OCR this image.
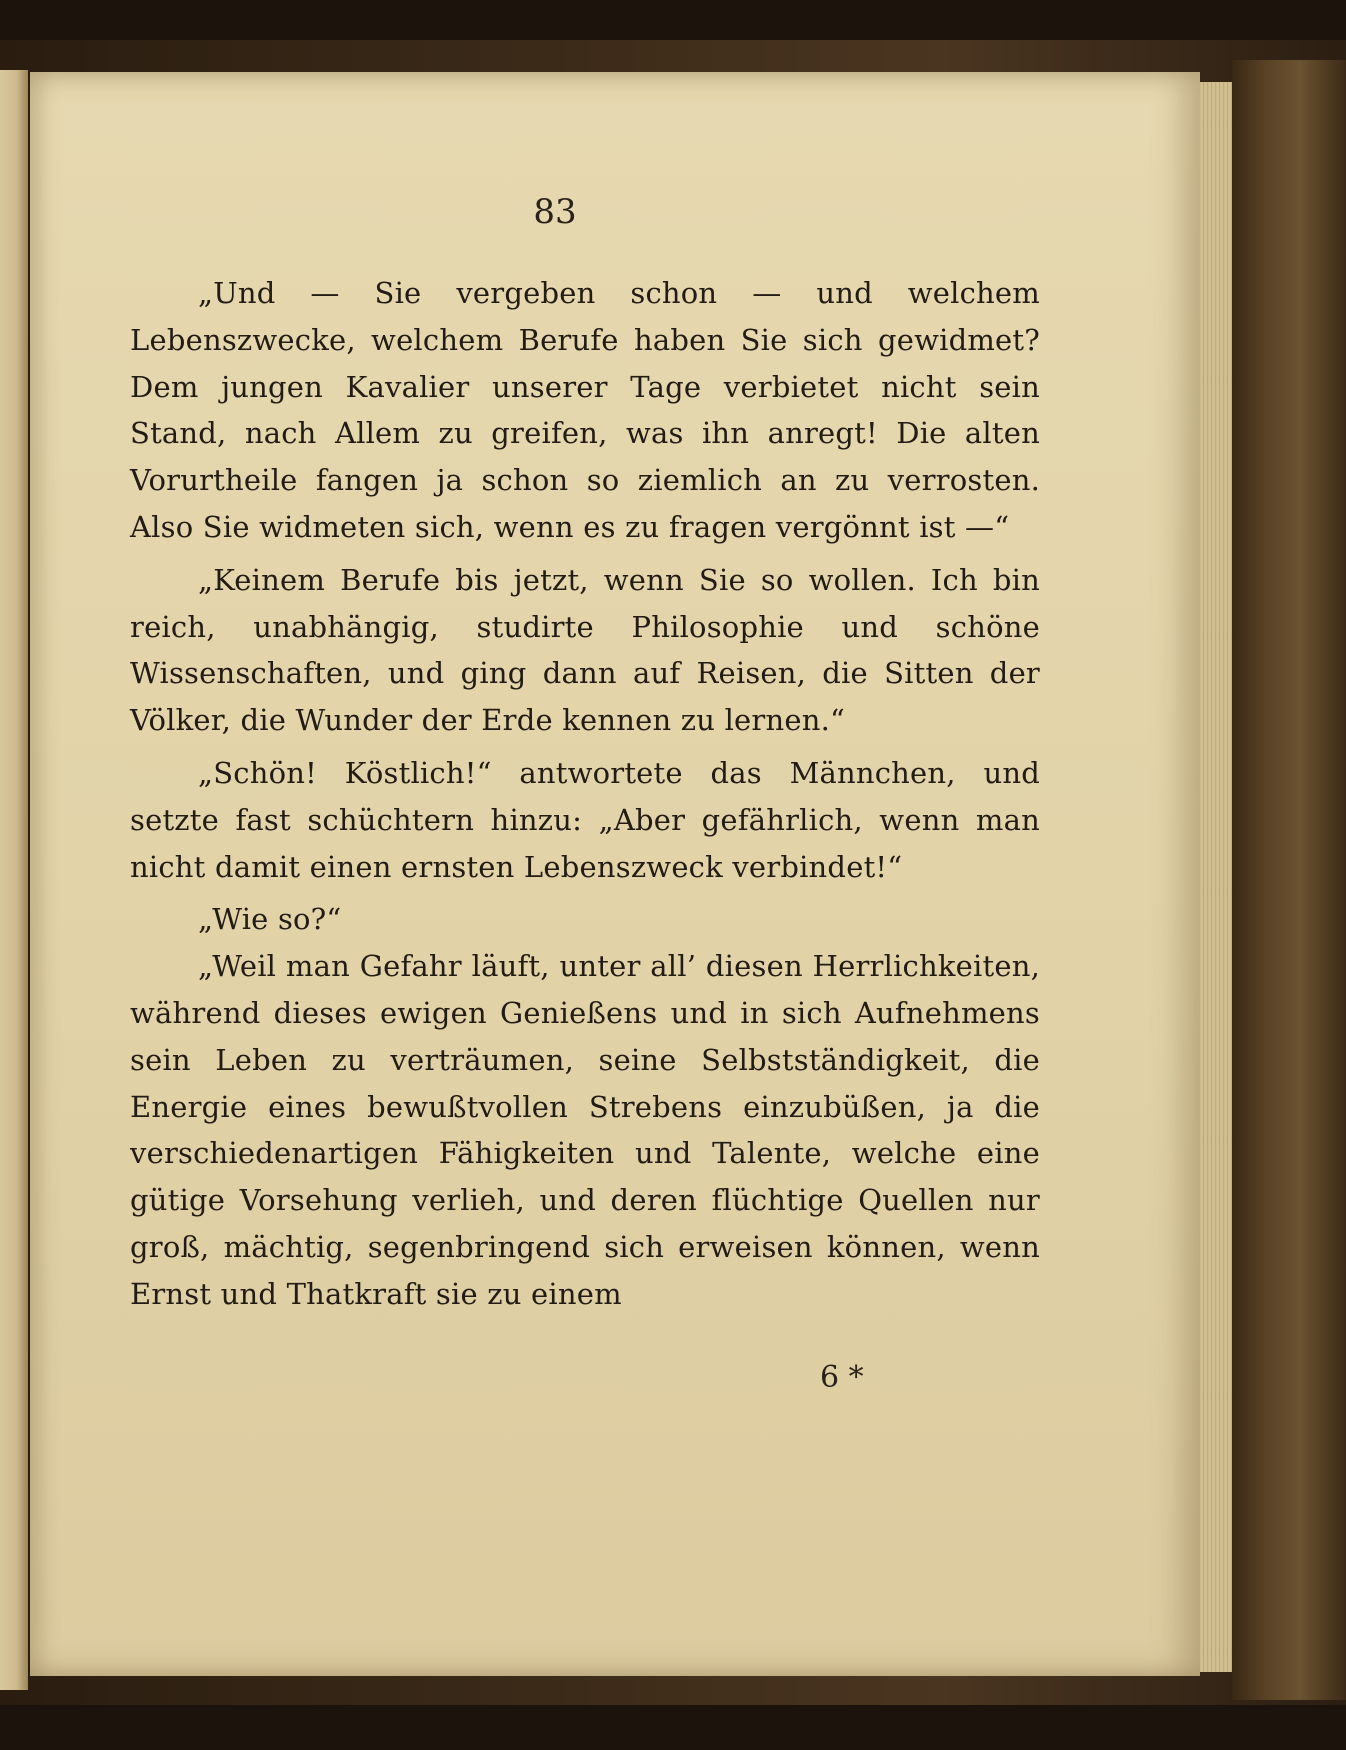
83

„Und — Sie vergeben schon — und welchem Lebenszwecke, welchem Berufe haben Sie sich gewidmet? Dem jungen Kavalier unserer Tage verbietet nicht sein Stand, nach Allem zu greifen, was ihn anregt! Die alten Vorurtheile fangen ja schon so ziemlich an zu verrosten. Also Sie widmeten sich, wenn es zu fragen vergönnt ist —“

„Keinem Berufe bis jetzt, wenn Sie so wollen. Ich bin reich, unabhängig, studirte Philosophie und schöne Wissenschaften, und ging dann auf Reisen, die Sitten der Völker, die Wunder der Erde kennen zu lernen.“

„Schön! Köstlich!“ antwortete das Männchen, und setzte fast schüchtern hinzu: „Aber gefährlich, wenn man nicht damit einen ernsten Lebenszweck verbindet!“

„Wie so?“

„Weil man Gefahr läuft, unter all’ diesen Herrlichkeiten, während dieses ewigen Genießens und in sich Aufnehmens sein Leben zu verträumen, seine Selbstständigkeit, die Energie eines bewußtvollen Strebens einzubüßen, ja die verschiedenartigen Fähigkeiten und Talente, welche eine gütige Vorsehung verlieh, und deren flüchtige Quellen nur groß, mächtig, segenbringend sich erweisen können, wenn Ernst und Thatkraft sie zu einem

6 *
